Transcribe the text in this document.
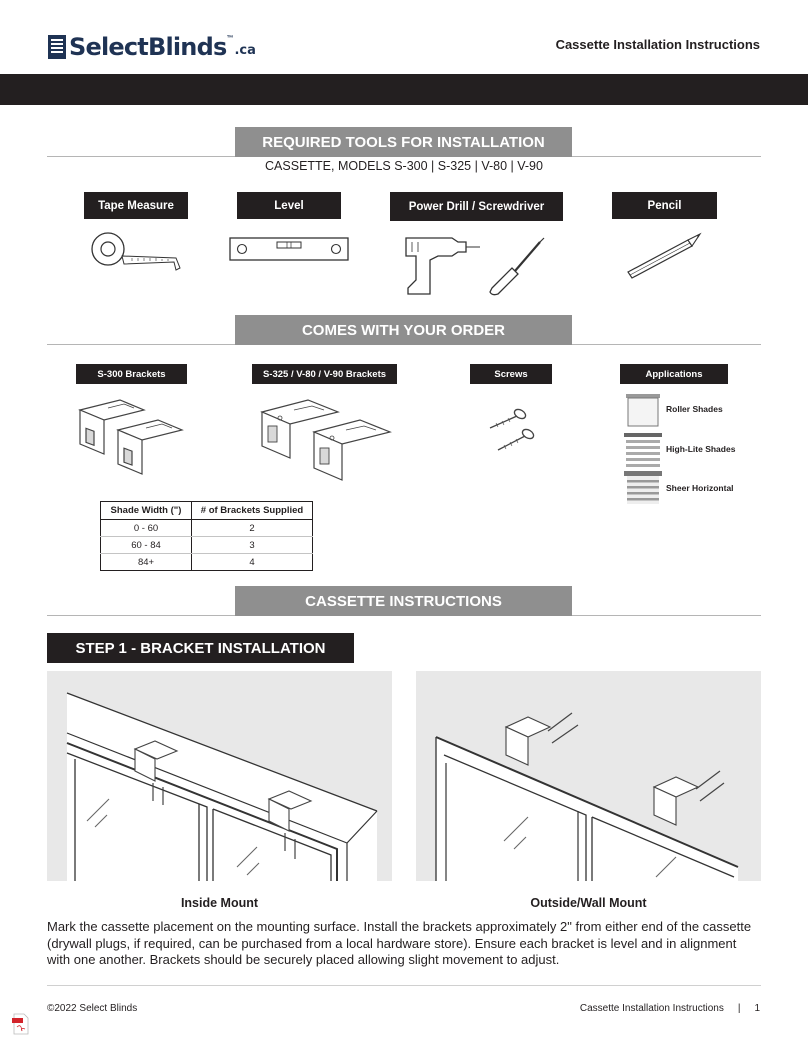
SelectBlinds ™
.ca	Cassette Installation Instructions
REQUIRED TOOLS FOR INSTALLATION
CASSETTE, MODELS S-300 | S-325 | V-80 | V-90
Tape Measure	Level	Power Drill / Screwdriver	Pencil
COMES WITH YOUR ORDER
S-300 Brackets	S-325 / V-80 / V-90 Brackets	Screws	Applications
Roller Shades
High-Lite Shades
Sheer Horizontal
Shade Width (")	# of Brackets Supplied
0 - 60	2
60 - 84	3
84+	4
CASSETTE INSTRUCTIONS
STEP 1 - BRACKET INSTALLATION
Inside Mount	Outside/Wall Mount

Mark the cassette placement on the mounting surface. Install the brackets approximately 2" from either end of the cassette (drywall plugs, if required, can be purchased from a local hardware store). Ensure each bracket is level and in alignment with one another. Brackets should be securely placed allowing slight movement to adjust.

©2022 Select Blinds	Cassette Installation Instructions | 1
